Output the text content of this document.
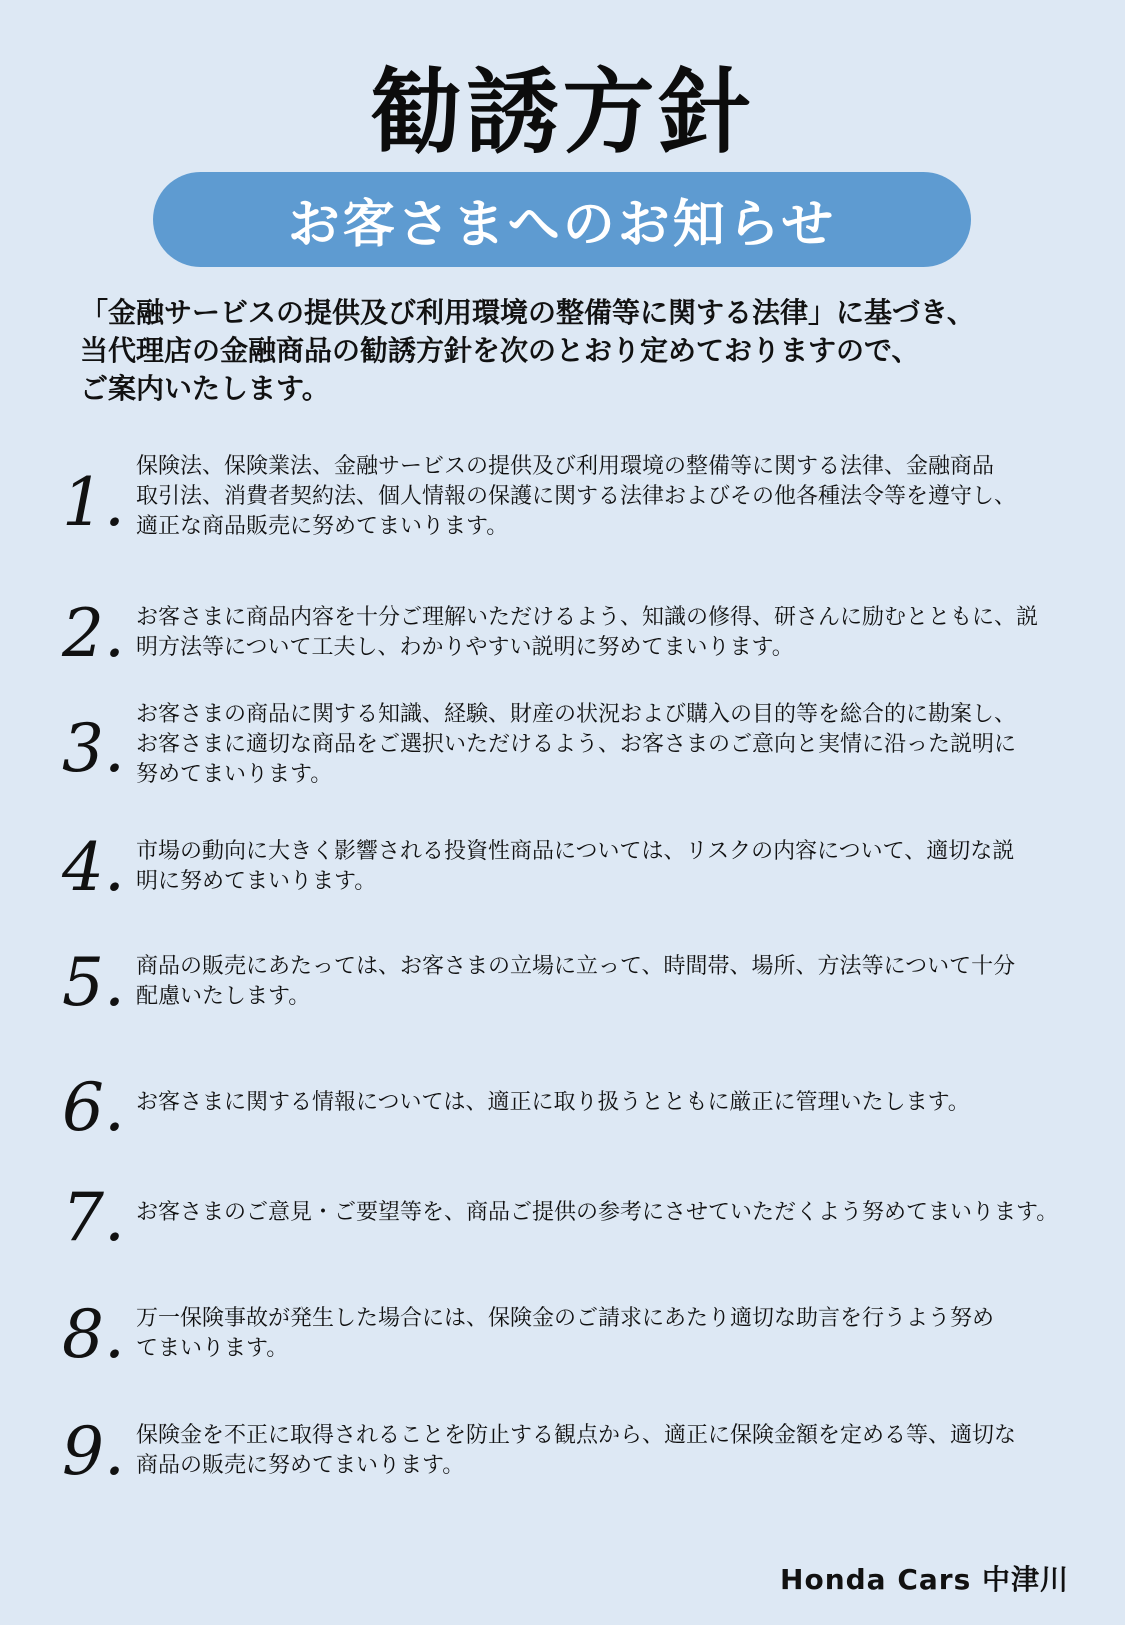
勧誘方針
お客さまへのお知らせ
「金融サービスの提供及び利用環境の整備等に関する法律」に基づき、
当代理店の金融商品の勧誘方針を次のとおり定めておりますので、
ご案内いたします。
1. 保険法、保険業法、金融サービスの提供及び利用環境の整備等に関する法律、金融商品
取引法、消費者契約法、個人情報の保護に関する法律およびその他各種法令等を遵守し、
適正な商品販売に努めてまいります。
2. お客さまに商品内容を十分ご理解いただけるよう、知識の修得、研さんに励むとともに、説
明方法等について工夫し、わかりやすい説明に努めてまいります。
3. お客さまの商品に関する知識、経験、財産の状況および購入の目的等を総合的に勘案し、
お客さまに適切な商品をご選択いただけるよう、お客さまのご意向と実情に沿った説明に
努めてまいります。
4. 市場の動向に大きく影響される投資性商品については、リスクの内容について、適切な説
明に努めてまいります。
5. 商品の販売にあたっては、お客さまの立場に立って、時間帯、場所、方法等について十分
配慮いたします。
6. お客さまに関する情報については、適正に取り扱うとともに厳正に管理いたします。
7. お客さまのご意見・ご要望等を、商品ご提供の参考にさせていただくよう努めてまいります。
8. 万一保険事故が発生した場合には、保険金のご請求にあたり適切な助言を行うよう努め
てまいります。
9. 保険金を不正に取得されることを防止する観点から、適正に保険金額を定める等、適切な
商品の販売に努めてまいります。
Honda Cars 中津川
